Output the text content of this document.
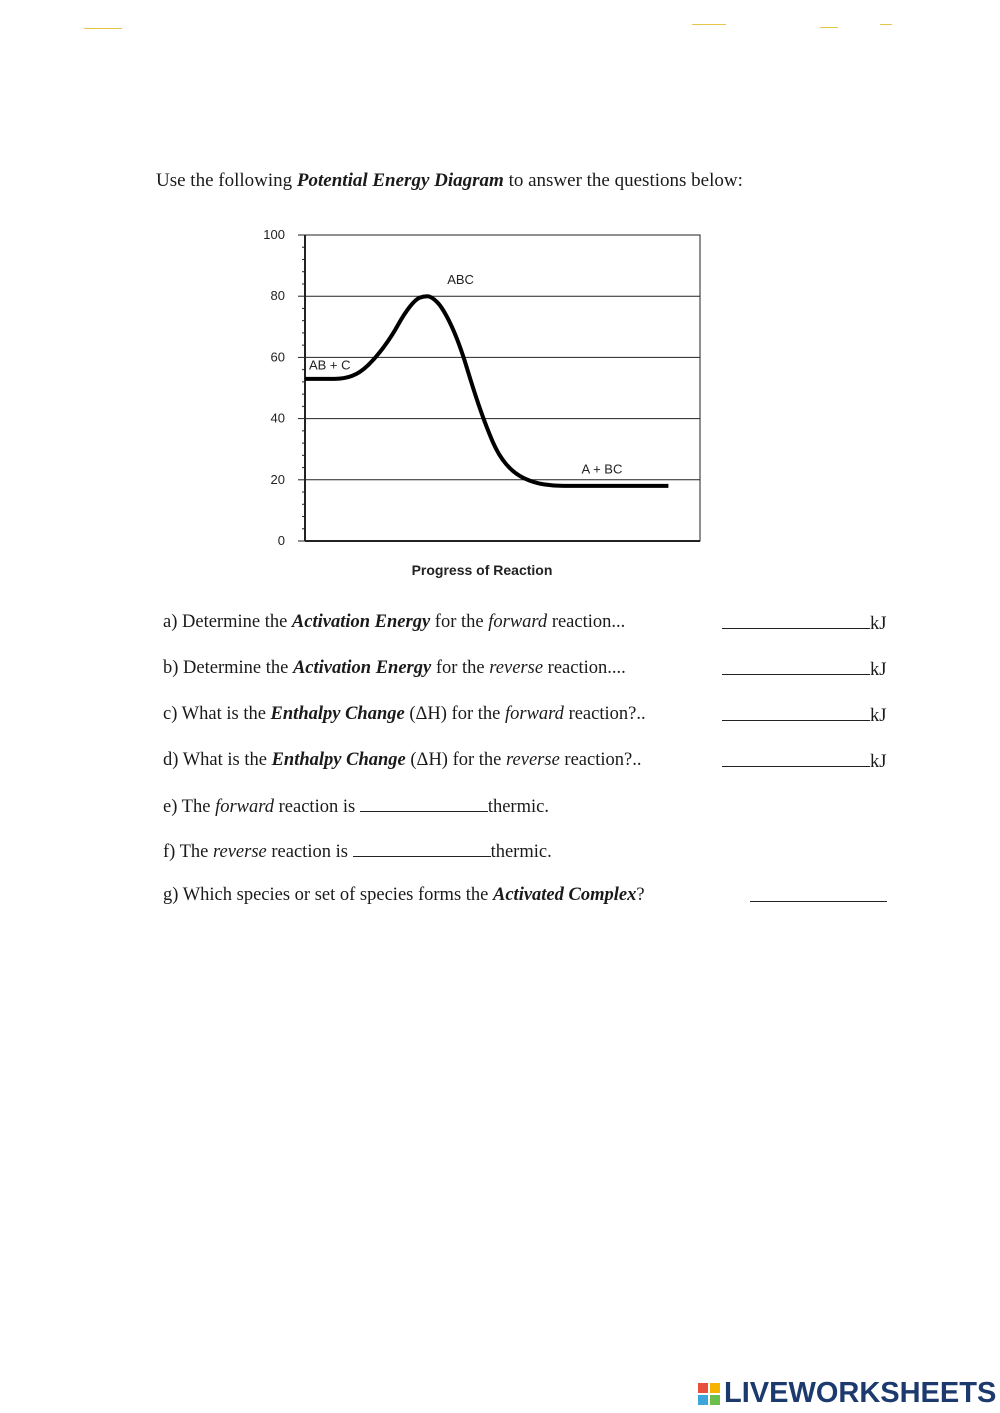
Use the following Potential Energy Diagram to answer the questions below:
0
20
40
60
80
100
AB + C
ABC
A + BC
Progress of Reaction
a) Determine the Activation Energy for the forward reaction...	kJ
b) Determine the Activation Energy for the reverse reaction....	kJ
c) What is the Enthalpy Change (ΔH) for the forward reaction?..	kJ
d) What is the Enthalpy Change (ΔH) for the reverse reaction?..	kJ
e) The forward reaction is	thermic.
f) The reverse reaction is	thermic.
g) Which species or set of species forms the Activated Complex?
LIVEWORKSHEETS
